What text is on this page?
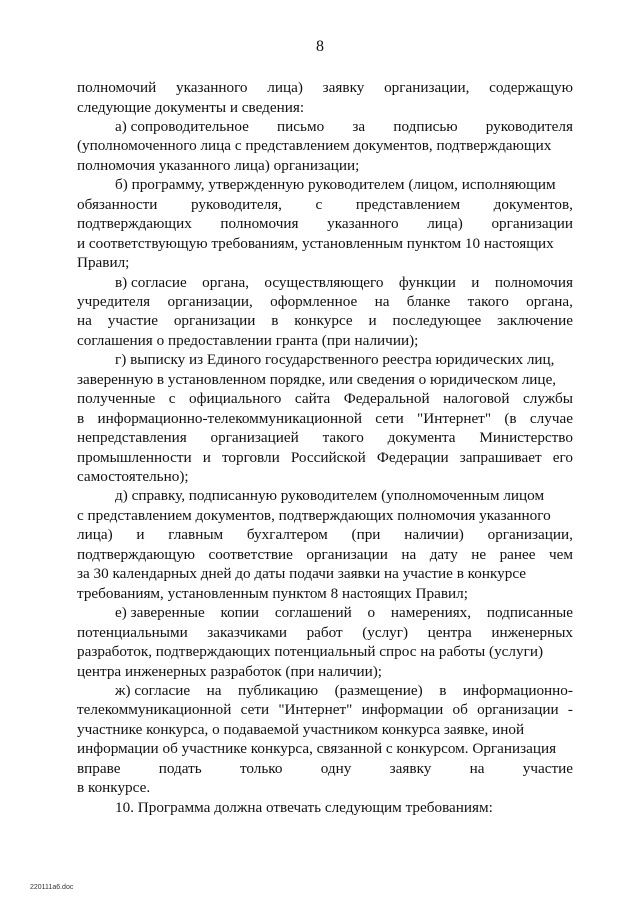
8
полномочий указанного лица) заявку организации, содержащую
следующие документы и сведения:
а) сопроводительное письмо за подписью руководителя
(уполномоченного лица с представлением документов, подтверждающих
полномочия указанного лица) организации;
б) программу, утвержденную руководителем (лицом, исполняющим
обязанности руководителя, с представлением документов,
подтверждающих полномочия указанного лица) организации
и соответствующую требованиям, установленным пунктом 10 настоящих
Правил;
в) согласие органа, осуществляющего функции и полномочия
учредителя организации, оформленное на бланке такого органа,
на участие организации в конкурсе и последующее заключение
соглашения о предоставлении гранта (при наличии);
г) выписку из Единого государственного реестра юридических лиц,
заверенную в установленном порядке, или сведения о юридическом лице,
полученные с официального сайта Федеральной налоговой службы
в информационно-телекоммуникационной сети "Интернет" (в случае
непредставления организацией такого документа Министерство
промышленности и торговли Российской Федерации запрашивает его
самостоятельно);
д) справку, подписанную руководителем (уполномоченным лицом
с представлением документов, подтверждающих полномочия указанного
лица) и главным бухгалтером (при наличии) организации,
подтверждающую соответствие организации на дату не ранее чем
за 30 календарных дней до даты подачи заявки на участие в конкурсе
требованиям, установленным пунктом 8 настоящих Правил;
е) заверенные копии соглашений о намерениях, подписанные
потенциальными заказчиками работ (услуг) центра инженерных
разработок, подтверждающих потенциальный спрос на работы (услуги)
центра инженерных разработок (при наличии);
ж) согласие на публикацию (размещение) в информационно-
телекоммуникационной сети "Интернет" информации об организации -
участнике конкурса, о подаваемой участником конкурса заявке, иной
информации об участнике конкурса, связанной с конкурсом. Организация
вправе	подать	только	одну	заявку	на	участие
в конкурсе.
10. Программа должна отвечать следующим требованиям:
220111a6.doc
